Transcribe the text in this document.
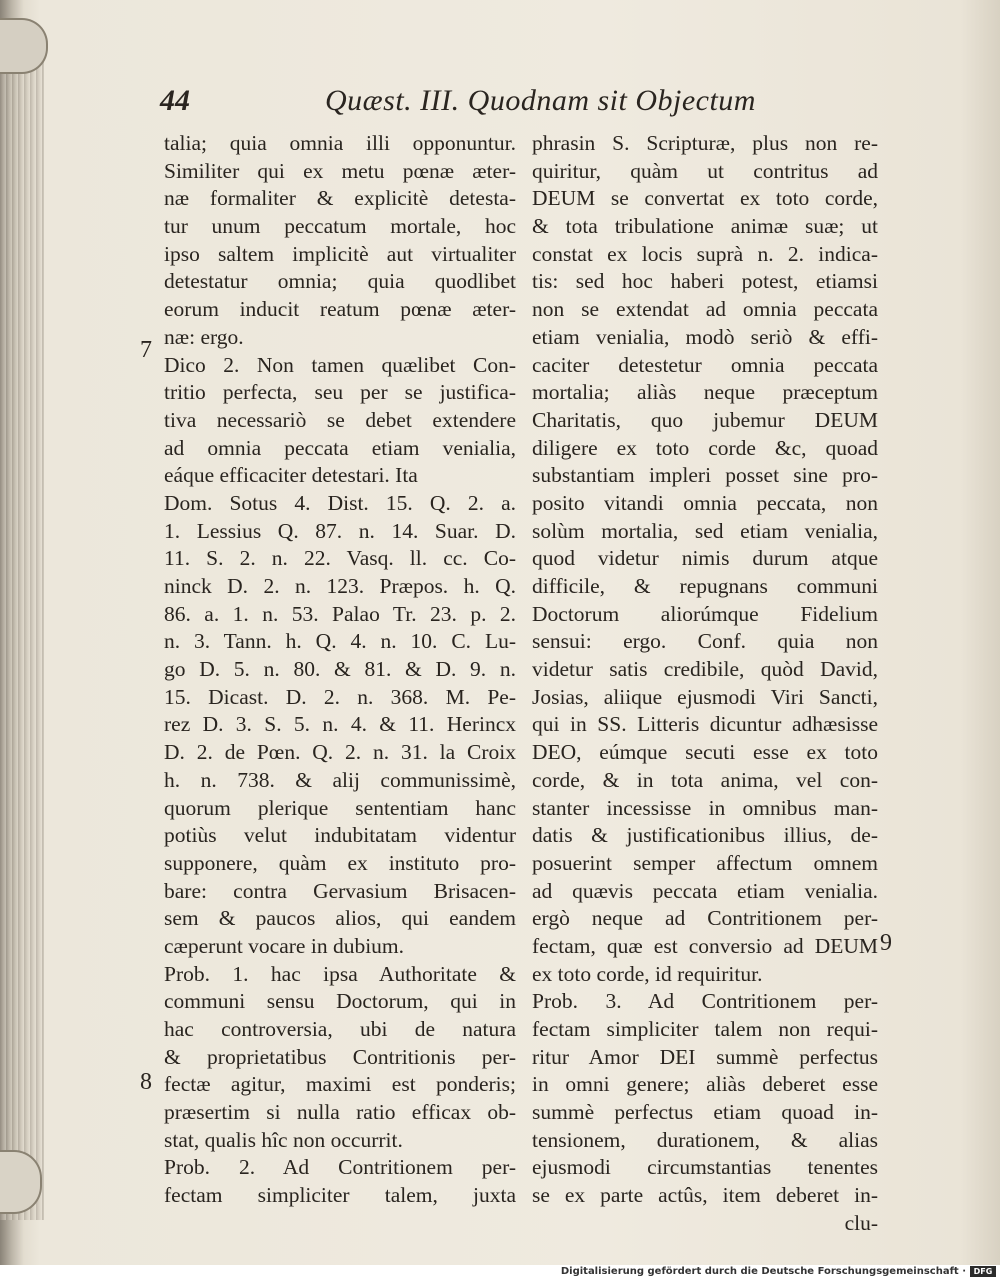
44	Quæst. III. Quodnam sit Objectum
talia; quia omnia illi opponuntur.
Similiter qui ex metu pœnæ æter-
næ formaliter & explicitè detesta-
tur unum peccatum mortale, hoc
ipso saltem implicitè aut virtualiter
detestatur omnia; quia quodlibet
eorum inducit reatum pœnæ æter-
næ: ergo.
Dico 2. Non tamen quælibet Con-
tritio perfecta, seu per se justifica-
tiva necessariò se debet extendere
ad omnia peccata etiam venialia,
eáque efficaciter detestari. Ita
Dom. Sotus 4. Dist. 15. Q. 2. a.
1. Lessius Q. 87. n. 14. Suar. D.
11. S. 2. n. 22. Vasq. ll. cc. Co-
ninck D. 2. n. 123. Præpos. h. Q.
86. a. 1. n. 53. Palao Tr. 23. p. 2.
n. 3. Tann. h. Q. 4. n. 10. C. Lu-
go D. 5. n. 80. & 81. & D. 9. n.
15. Dicast. D. 2. n. 368. M. Pe-
rez D. 3. S. 5. n. 4. & 11. Herincx
D. 2. de Pœn. Q. 2. n. 31. la Croix
h. n. 738. & alij communissimè,
quorum plerique sententiam hanc
potiùs velut indubitatam videntur
supponere, quàm ex instituto pro-
bare: contra Gervasium Brisacen-
sem & paucos alios, qui eandem
cæperunt vocare in dubium.
Prob. 1. hac ipsa Authoritate &
communi sensu Doctorum, qui in
hac controversia, ubi de natura
& proprietatibus Contritionis per-
fectæ agitur, maximi est ponderis;
præsertim si nulla ratio efficax ob-
stat, qualis hîc non occurrit.
Prob. 2. Ad Contritionem per-
fectam simpliciter talem, juxta
phrasin S. Scripturæ, plus non re-
quiritur, quàm ut contritus ad
DEUM se convertat ex toto corde,
& tota tribulatione animæ suæ; ut
constat ex locis suprà n. 2. indica-
tis: sed hoc haberi potest, etiamsi
non se extendat ad omnia peccata
etiam venialia, modò seriò & effi-
caciter detestetur omnia peccata
mortalia; aliàs neque præceptum
Charitatis, quo jubemur DEUM
diligere ex toto corde &c, quoad
substantiam impleri posset sine pro-
posito vitandi omnia peccata, non
solùm mortalia, sed etiam venialia,
quod videtur nimis durum atque
difficile, & repugnans communi
Doctorum aliorúmque Fidelium
sensui: ergo. Conf. quia non
videtur satis credibile, quòd David,
Josias, aliique ejusmodi Viri Sancti,
qui in SS. Litteris dicuntur adhæsisse
DEO, eúmque secuti esse ex toto
corde, & in tota anima, vel con-
stanter incessisse in omnibus man-
datis & justificationibus illius, de-
posuerint semper affectum omnem
ad quævis peccata etiam venialia.
ergò neque ad Contritionem per-
fectam, quæ est conversio ad DEUM
ex toto corde, id requiritur.
Prob. 3. Ad Contritionem per-
fectam simpliciter talem non requi-
ritur Amor DEI summè perfectus
in omni genere; aliàs deberet esse
summè perfectus etiam quoad in-
tensionem, durationem, & alias
ejusmodi circumstantias tenentes
se ex parte actûs, item deberet in-
clu-
7
8
9
Digitalisierung gefördert durch die Deutsche Forschungsgemeinschaft · DFG
